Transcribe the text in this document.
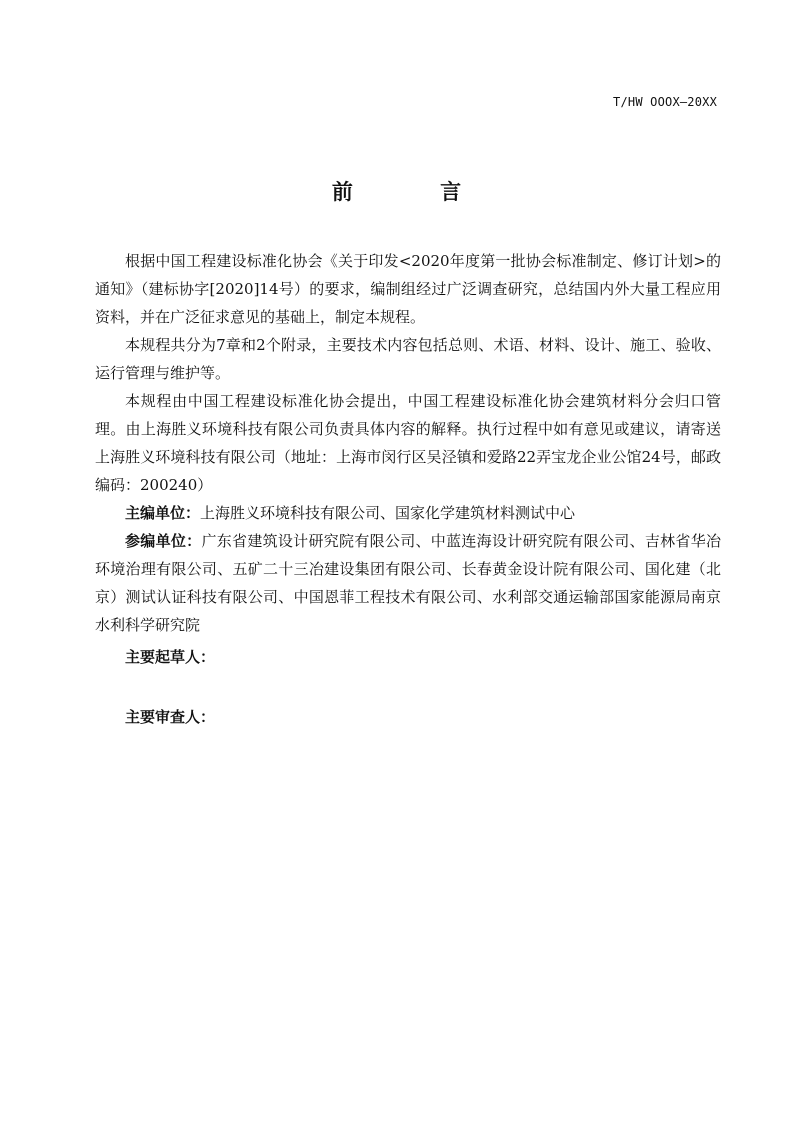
T/HW OOOX—20XX
前 言

根据中国工程建设标准化协会《关于印发<2020年度第一批协会标准制定、修订计划>的通知》（建标协字[2020]14号）的要求，编制组经过广泛调查研究，总结国内外大量工程应用资料，并在广泛征求意见的基础上，制定本规程。

本规程共分为7章和2个附录，主要技术内容包括总则、术语、材料、设计、施工、验收、运行管理与维护等。

本规程由中国工程建设标准化协会提出，中国工程建设标准化协会建筑材料分会归口管理。由上海胜义环境科技有限公司负责具体内容的解释。执行过程中如有意见或建议，请寄送上海胜义环境科技有限公司（地址：上海市闵行区吴泾镇和爱路22弄宝龙企业公馆24号，邮政编码：200240）

主编单位：上海胜义环境科技有限公司、国家化学建筑材料测试中心

参编单位：广东省建筑设计研究院有限公司、中蓝连海设计研究院有限公司、吉林省华冶环境治理有限公司、五矿二十三冶建设集团有限公司、长春黄金设计院有限公司、国化建（北京）测试认证科技有限公司、中国恩菲工程技术有限公司、水利部交通运输部国家能源局南京水利科学研究院

主要起草人：

主要审查人：
